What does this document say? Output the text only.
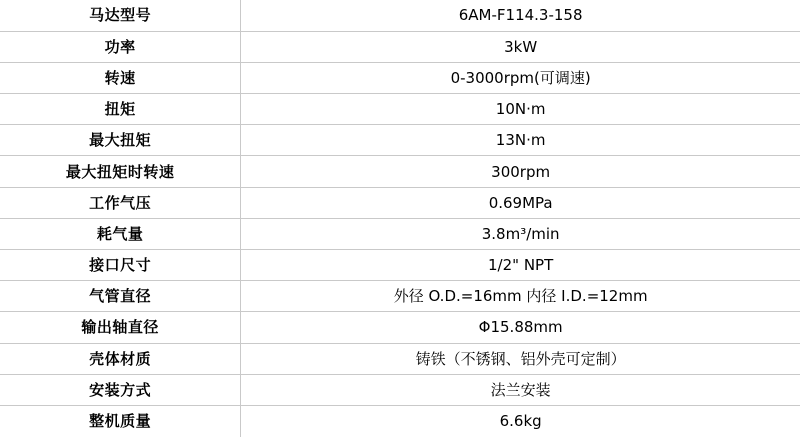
马达型号	6AM-F114.3-158
功率	3kW
转速	0-3000rpm(可调速)
扭矩	10N·m
最大扭矩	13N·m
最大扭矩时转速	300rpm
工作气压	0.69MPa
耗气量	3.8m³/min
接口尺寸	1/2" NPT
气管直径	外径 O.D.=16mm 内径 I.D.=12mm
输出轴直径	Φ15.88mm
壳体材质	铸铁（不锈钢、铝外壳可定制）
安装方式	法兰安装
整机质量	6.6kg
